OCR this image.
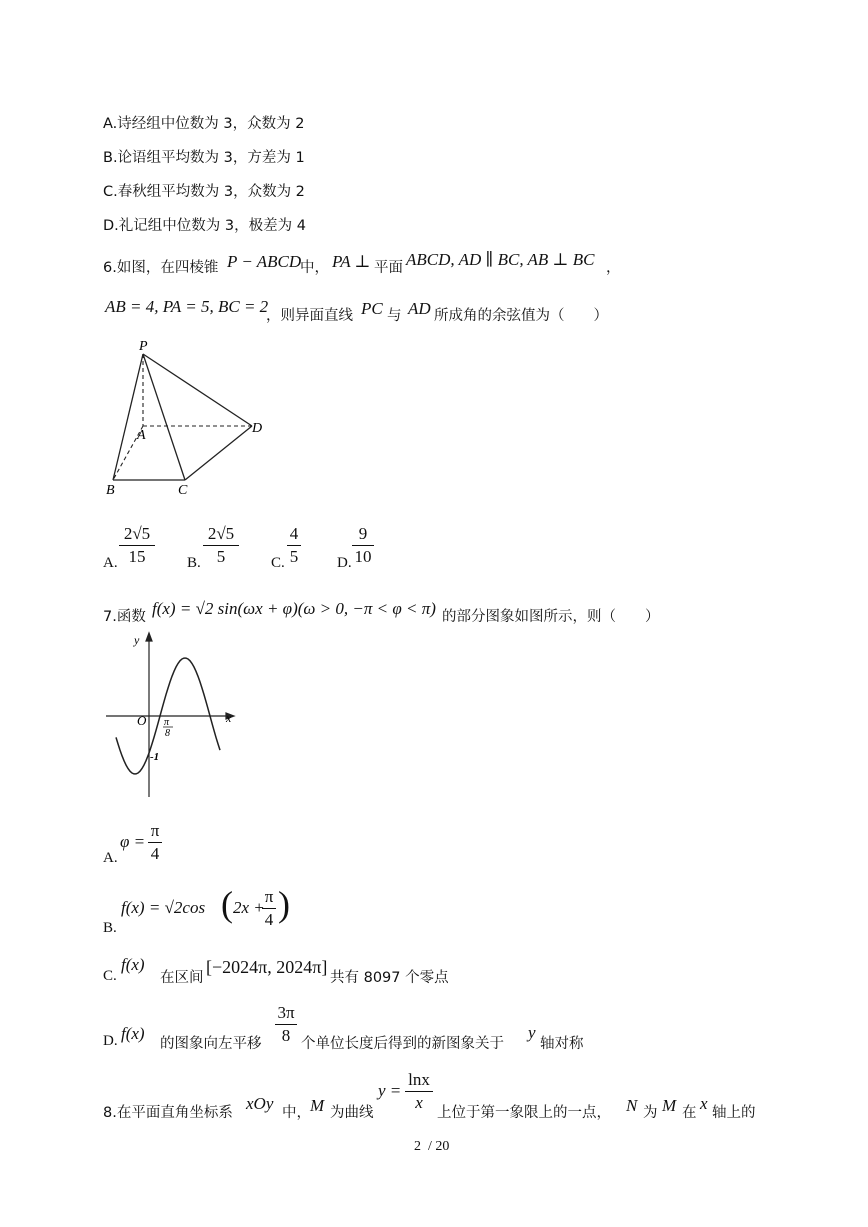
A.诗经组中位数为 3，众数为 2
B.论语组平均数为 3，方差为 1
C.春秋组平均数为 3，众数为 2
D.礼记组中位数为 3，极差为 4
6.如图，在四棱锥 P − ABCD
中， PA ⊥ 平面 ABCD, AD ∥ BC, AB ⊥ BC ，
AB = 4, PA = 5, BC = 2
，则异面直线 PC 与 AD 所成角的余弦值为（　　）
P
A	D
B	C
A.
2√5
15	B.
2√5
5	C.
4
5	D.
9
10
7.函数 f(x) = √2 sin(ωx + φ)(ω > 0, −π < φ < π) 的部分图象如图所示，则（　　）
y
x
O π
8
-1
A.
φ =
π
4
B.
f(x) = √2cos ( 2x +
π
4 )
C.
f(x)
在区间
[−2024π, 2024π]
共有 8097 个零点
D. f(x)
的图象向左平移
3π
8 个单位长度后得到的新图象关于
y
轴对称
8.在平面直角坐标系 xOy 中， M 为曲线
y =
lnx
x
上位于第一象限上的一点， N 为 M 在 x 轴上的
2  / 20
